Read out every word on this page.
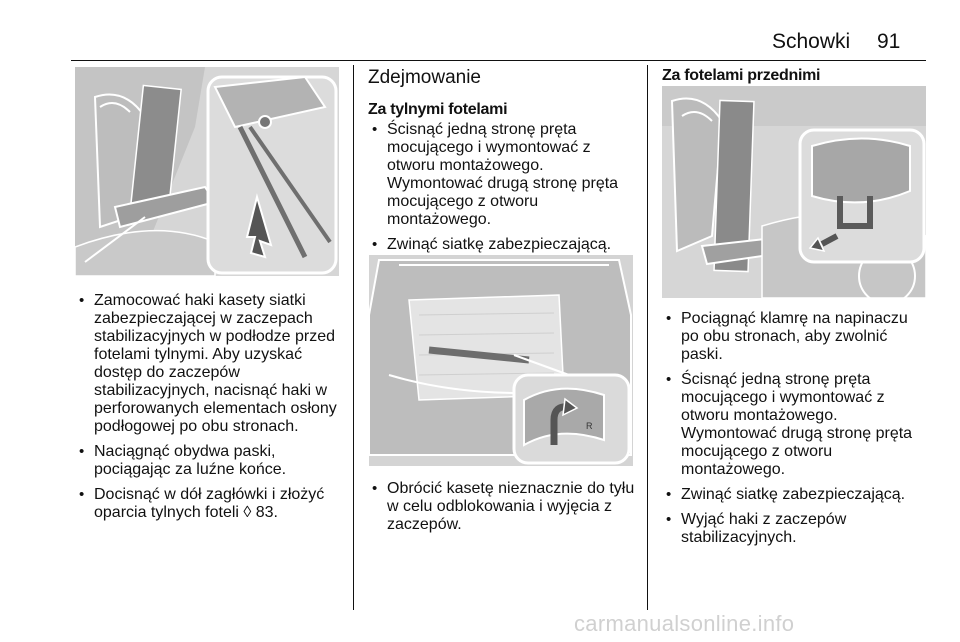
Schowki 91
• Zamocować haki kasety siatki zabezpieczającej w zaczepach stabilizacyjnych w podłodze przed fotelami tylnymi. Aby uzyskać dostęp do zaczepów stabilizacyjnych, nacisnąć haki w perforowanych elementach osłony podłogowej po obu stronach.
• Naciągnąć obydwa paski, pociągając za luźne końce.
• Docisnąć w dół zagłówki i złożyć oparcia tylnych foteli ◊ 83.
Zdejmowanie
Za tylnymi fotelami
• Ścisnąć jedną stronę pręta mocującego i wymontować z otworu montażowego.
Wymontować drugą stronę pręta mocującego z otworu montażowego.
• Zwinąć siatkę zabezpieczającą.
R
• Obrócić kasetę nieznacznie do tyłu w celu odblokowania i wyjęcia z zaczepów.
Za fotelami przednimi
• Pociągnąć klamrę na napinaczu po obu stronach, aby zwolnić paski.
• Ścisnąć jedną stronę pręta mocującego i wymontować z otworu montażowego.
Wymontować drugą stronę pręta mocującego z otworu montażowego.
• Zwinąć siatkę zabezpieczającą.
• Wyjąć haki z zaczepów stabilizacyjnych.
carmanualsonline.info
